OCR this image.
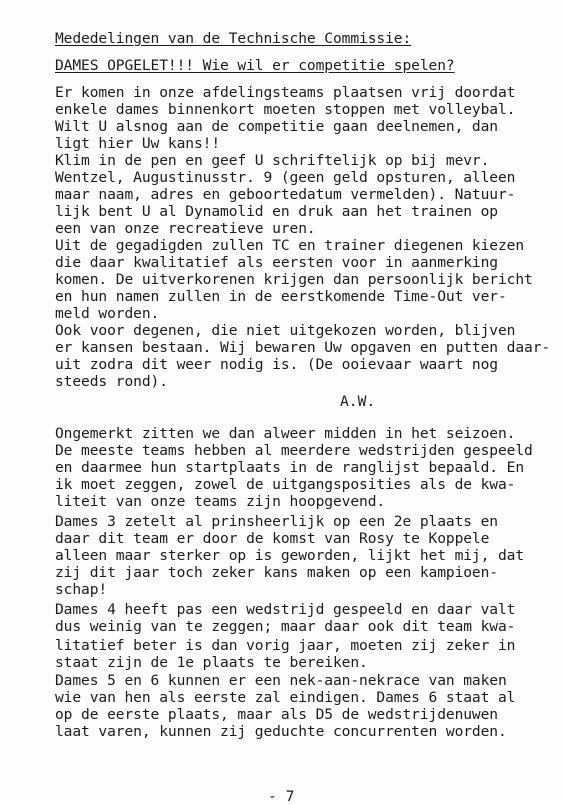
Mededelingen van de Technische Commissie:
DAMES OPGELET!!! Wie wil er competitie spelen?
Er komen in onze afdelingsteams plaatsen vrij doordat
enkele dames binnenkort moeten stoppen met volleybal.
Wilt U alsnog aan de competitie gaan deelnemen, dan
ligt hier Uw kans!!
Klim in de pen en geef U schriftelijk op bij mevr.
Wentzel, Augustinusstr. 9 (geen geld opsturen, alleen
maar naam, adres en geboortedatum vermelden). Natuur-
lijk bent U al Dynamolid en druk aan het trainen op
een van onze recreatieve uren.
Uit de gegadigden zullen TC en trainer diegenen kiezen
die daar kwalitatief als eersten voor in aanmerking
komen. De uitverkorenen krijgen dan persoonlijk bericht
en hun namen zullen in de eerstkomende Time-Out ver-
meld worden.
Ook voor degenen, die niet uitgekozen worden, blijven
er kansen bestaan. Wij bewaren Uw opgaven en putten daar-
uit zodra dit weer nodig is. (De ooievaar waart nog
steeds rond).
A.W.
Ongemerkt zitten we dan alweer midden in het seizoen.
De meeste teams hebben al meerdere wedstrijden gespeeld
en daarmee hun startplaats in de ranglijst bepaald. En
ik moet zeggen, zowel de uitgangsposities als de kwa-
liteit van onze teams zijn hoopgevend.
Dames 3 zetelt al prinsheerlijk op een 2e plaats en
daar dit team er door de komst van Rosy te Koppele
alleen maar sterker op is geworden, lijkt het mij, dat
zij dit jaar toch zeker kans maken op een kampioen-
schap!
Dames 4 heeft pas een wedstrijd gespeeld en daar valt
dus weinig van te zeggen; maar daar ook dit team kwa-
litatief beter is dan vorig jaar, moeten zij zeker in
staat zijn de 1e plaats te bereiken.
Dames 5 en 6 kunnen er een nek-aan-nekrace van maken
wie van hen als eerste zal eindigen. Dames 6 staat al
op de eerste plaats, maar als D5 de wedstrijdenuwen
laat varen, kunnen zij geduchte concurrenten worden.
- 7
